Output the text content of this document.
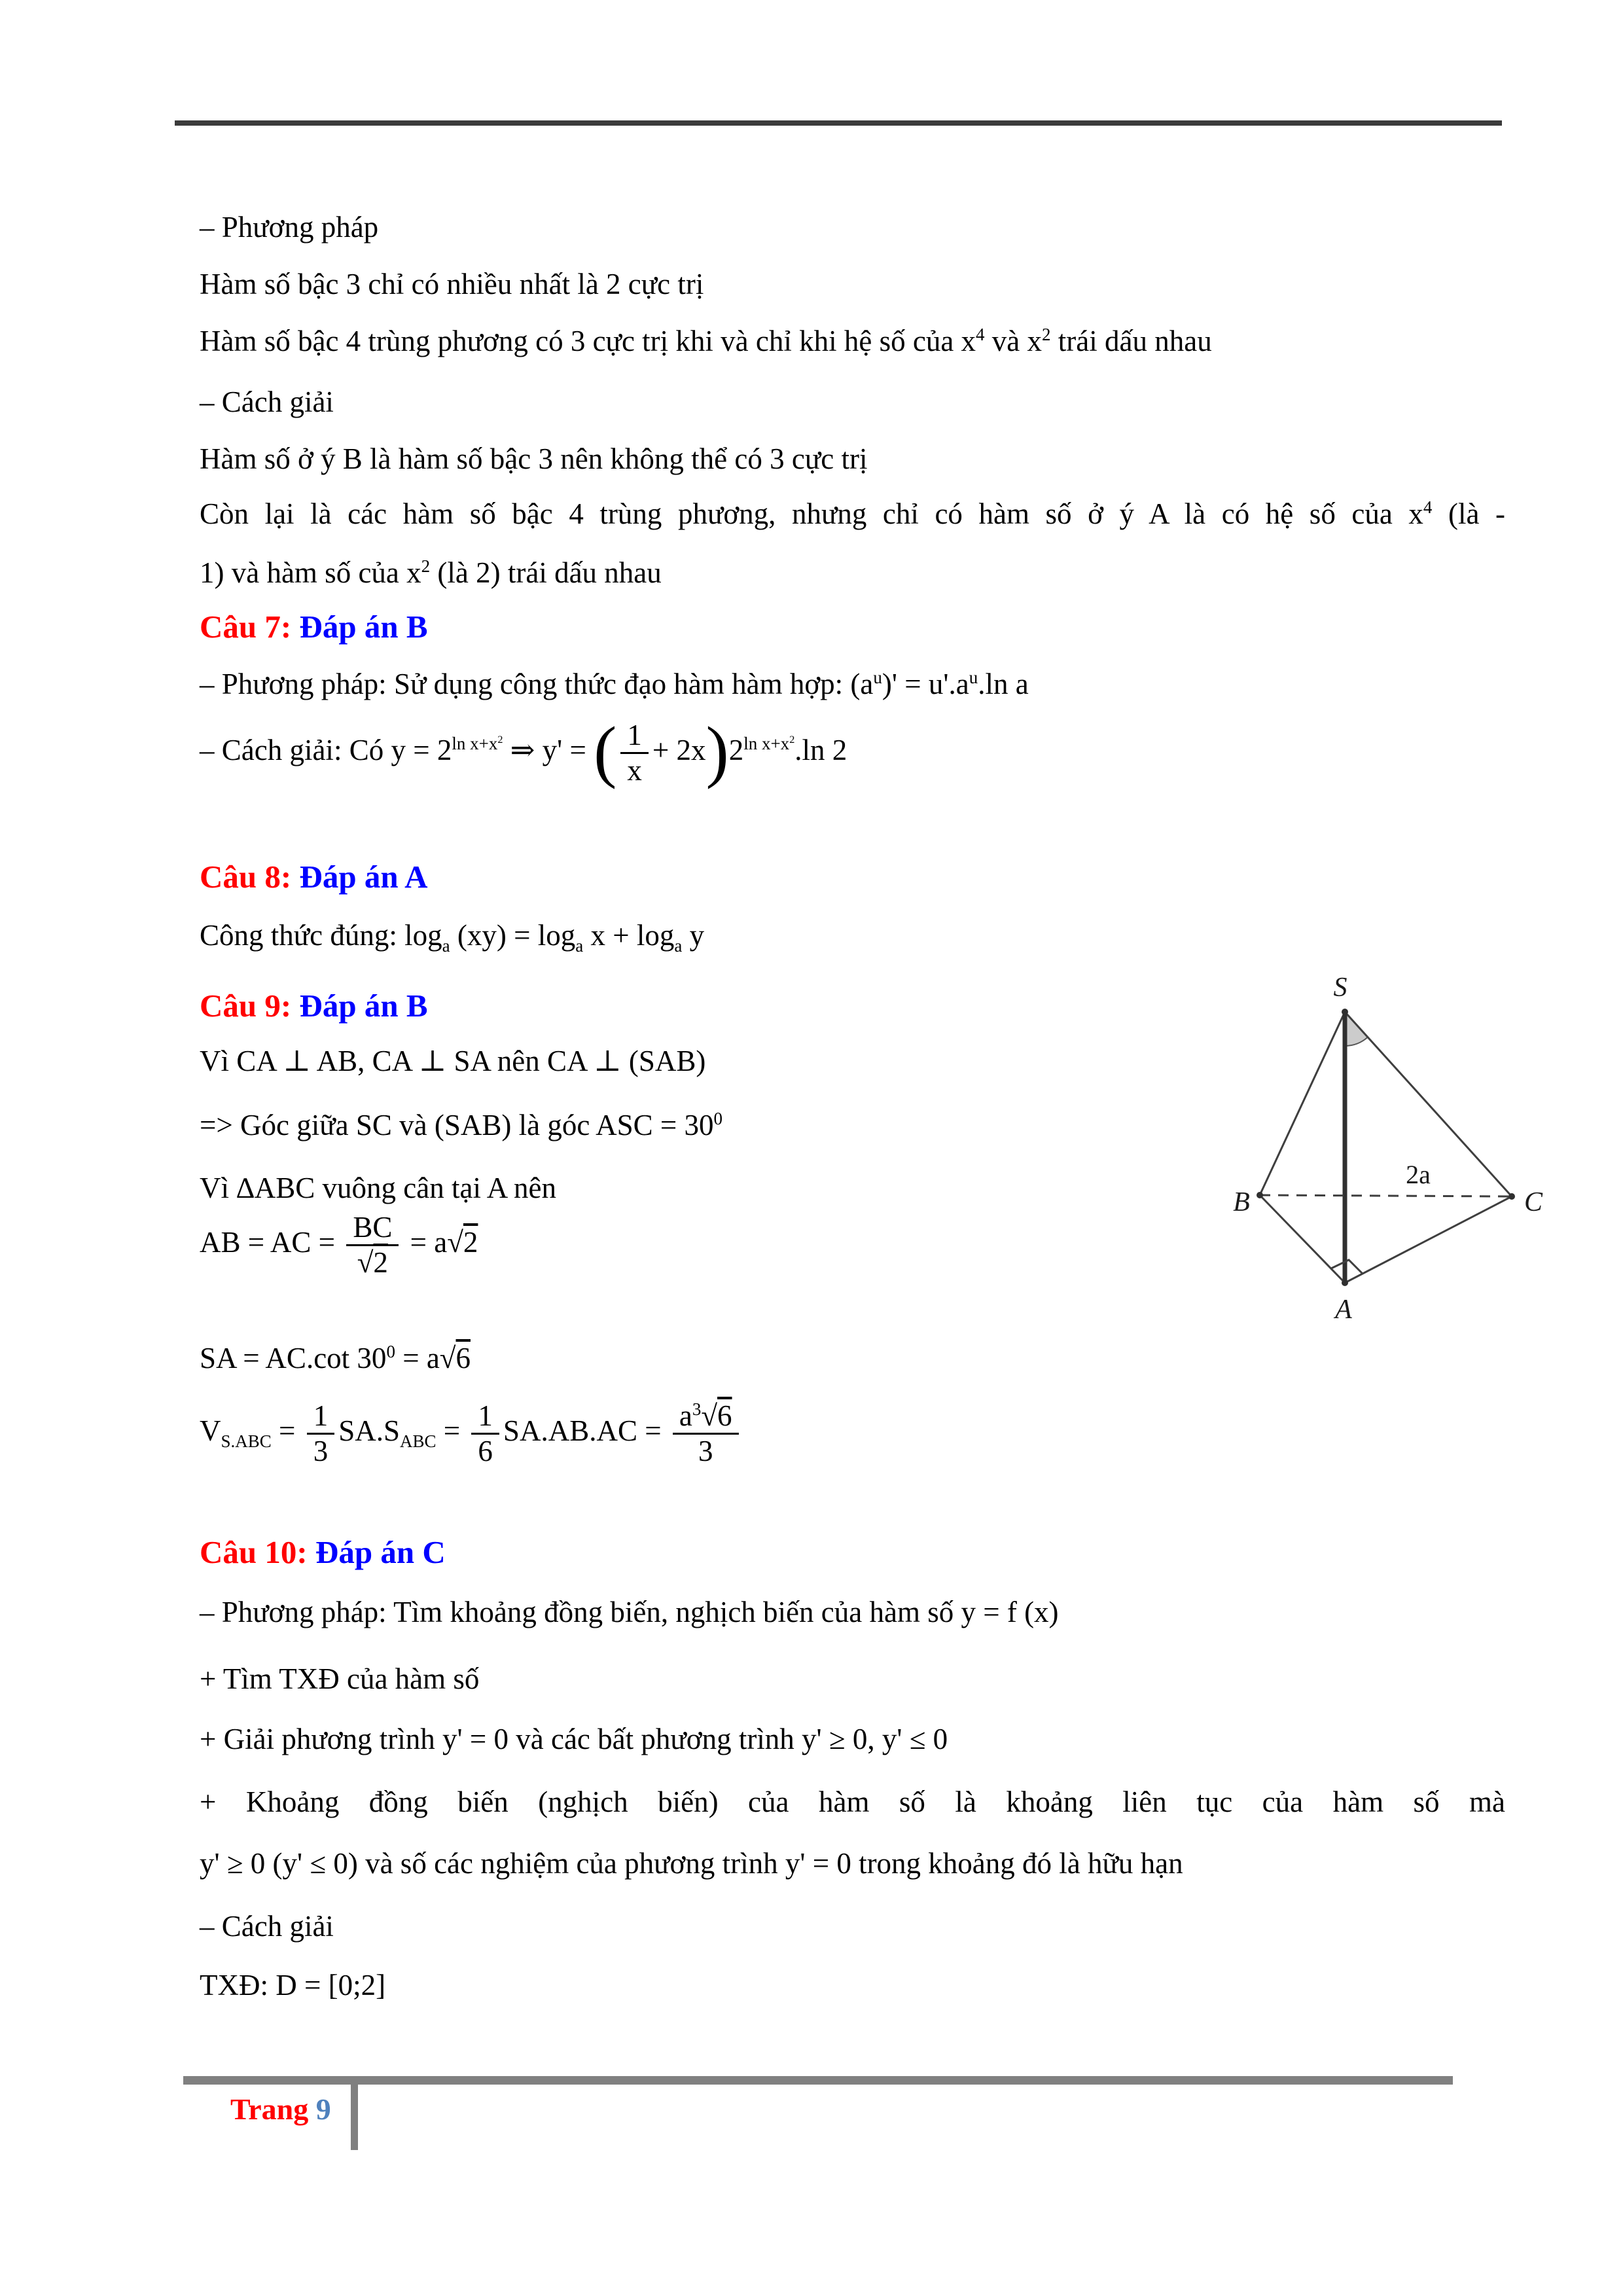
– Phương pháp
Hàm số bậc 3 chỉ có nhiều nhất là 2 cực trị
Hàm số bậc 4 trùng phương có 3 cực trị khi và chỉ khi hệ số của $x^4$ và $x^2$ trái dấu nhau
– Cách giải
Hàm số ở ý B là hàm số bậc 3 nên không thể có 3 cực trị
Còn lại là các hàm số bậc 4 trùng phương, nhưng chỉ có hàm số ở ý A là có hệ số của $x^4$ (là -
1) và hàm số của $x^2$ (là 2) trái dấu nhau
Câu 7: Đáp án B
– Phương pháp: Sử dụng công thức đạo hàm hàm hợp: $(a^u)' = u'.a^u.\ln$ a
– Cách giải: Có $y = 2^{ln x+x^2}$ ⇒ y' = ( $\frac{1}{x} + 2x)2^{ln x+x^2}.\ln$ 2
Câu 8: Đáp án A
Công thức đúng: $\log_a (xy) = \log_a x + \log_a y$
Câu 9: Đáp án B
Vì CA ⊥ AB, CA ⊥ SA nên CA ⊥ (SAB)
=> Góc giữa SC và (SAB) là góc ASC = $30^0$
Vì ∆ABC vuông cân tại A nên
AB = AC = $\frac{BC}{√2} = a√2$
SA = AC.cot $30^0 = a√6$
$V_{S.ABC} = \frac{1}{3} SA.S_{ABC} = \frac{1}{6} SA.AB.AC = \frac{a^3√6}{3}$
Câu 10: Đáp án C
– Phương pháp: Tìm khoảng đồng biến, nghịch biến của hàm số y = f (x)
+ Tìm TXĐ của hàm số
+ Giải phương trình y' = 0 và các bất phương trình y' ≥ 0, y' ≤ 0
+ Khoảng đồng biến (nghịch biến) của hàm số là khoảng liên tục của hàm số mà
y' ≥ 0 (y' ≤ 0) và số các nghiệm của phương trình y' = 0 trong khoảng đó là hữu hạn
– Cách giải
TXĐ: D = [0;2]
S
B	C
A
2a
Trang 9
